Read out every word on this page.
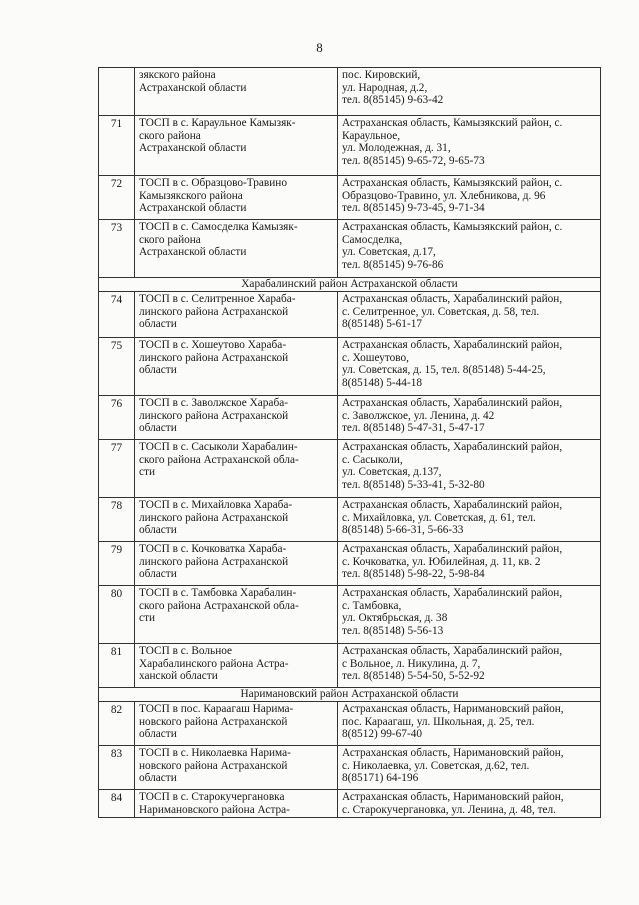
8
	зякского района
Астраханской области	пос. Кировский,
ул. Народная, д.2,
тел. 8(85145) 9-63-42
71	ТОСП в с. Караульное Камызяк-
ского района
Астраханской области	Астраханская область, Камызякский район, с.
Караульное,
ул. Молодежная, д. 31,
тел. 8(85145) 9-65-72, 9-65-73
72	ТОСП в с. Образцово-Травино
Камызякского района
Астраханской области	Астраханская область, Камызякский район, с.
Образцово-Травино, ул. Хлебникова, д. 96
тел. 8(85145) 9-73-45, 9-71-34
73	ТОСП в с. Самосделка Камызяк-
ского района
Астраханской области	Астраханская область, Камызякский район, с.
Самосделка,
ул. Советская, д.17,
тел. 8(85145) 9-76-86
Харабалинский район Астраханской области		
74	ТОСП в с. Селитренное Хараба-
линского района Астраханской
области	Астраханская область, Харабалинский район,
с. Селитренное, ул. Советская, д. 58, тел.
8(85148) 5-61-17
75	ТОСП в с. Хошеутово Хараба-
линского района Астраханской
области	Астраханская область, Харабалинский район,
с. Хошеутово,
ул. Советская, д. 15, тел. 8(85148) 5-44-25,
8(85148) 5-44-18
76	ТОСП в с. Заволжское Хараба-
линского района Астраханской
области	Астраханская область, Харабалинский район,
с. Заволжское, ул. Ленина, д. 42
тел. 8(85148) 5-47-31, 5-47-17
77	ТОСП в с. Сасыколи Харабалин-
ского района Астраханской обла-
сти	Астраханская область, Харабалинский район,
с. Сасыколи,
ул. Советская, д.137,
тел. 8(85148) 5-33-41, 5-32-80
78	ТОСП в с. Михайловка Хараба-
линского района Астраханской
области	Астраханская область, Харабалинский район,
с. Михайловка, ул. Советская, д. 61, тел.
8(85148) 5-66-31, 5-66-33
79	ТОСП в с. Кочковатка Хараба-
линского района Астраханской
области	Астраханская область, Харабалинский район,
с. Кочковатка, ул. Юбилейная, д. 11, кв. 2
тел. 8(85148) 5-98-22, 5-98-84
80	ТОСП в с. Тамбовка Харабалин-
ского района Астраханской обла-
сти	Астраханская область, Харабалинский район,
с. Тамбовка,
ул. Октябрьская, д. 38
тел. 8(85148) 5-56-13
81	ТОСП в с. Вольное
Харабалинского района Астра-
ханской области	Астраханская область, Харабалинский район,
с Вольное, л. Никулина, д. 7,
тел. 8(85148) 5-54-50, 5-52-92
Наримановский район Астраханской области		
82	ТОСП в пос. Караагаш Нарима-
новского района Астраханской
области	Астраханская область, Наримановский район,
пос. Караагаш, ул. Школьная, д. 25, тел.
8(8512) 99-67-40
83	ТОСП в с. Николаевка Нарима-
новского района Астраханской
области	Астраханская область, Наримановский район,
с. Николаевка, ул. Советская, д.62, тел.
8(85171) 64-196
84	ТОСП в с. Старокучергановка
Наримановского района Астра-	Астраханская область, Наримановский район,
с. Старокучергановка, ул. Ленина, д. 48, тел.
